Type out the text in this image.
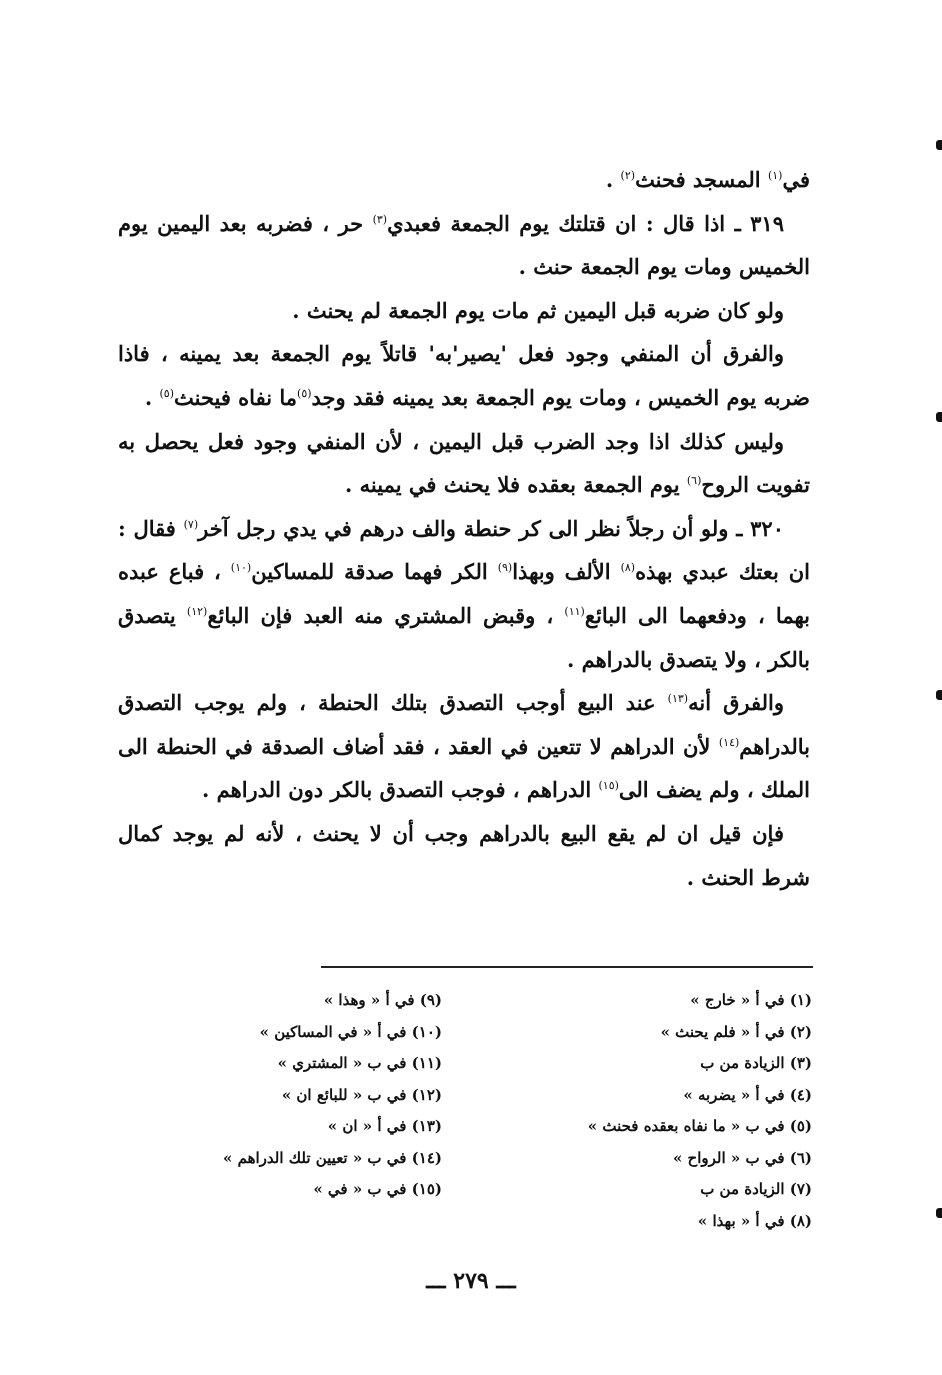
في$^{(١)}$ المسجد فحنث$^{(٢)}$ .

٣١٩ ـ اذا قال : ان قتلتك يوم الجمعة فعبدي$^{(٣)}$ حر ، فضربه بعد اليمين يوم الخميس ومات يوم الجمعة حنث .

ولو كان ضربه قبل اليمين ثم مات يوم الجمعة لم يحنث .

والفرق أن المنفي وجود فعل 'يصير'به' قاتلاً يوم الجمعة بعد يمينه ، فاذا ضربه يوم الخميس ، ومات يوم الجمعة بعد يمينه فقد وجد$^{(٥)}$ما نفاه فيحنث$^{(٥)}$ .

وليس كذلك اذا وجد الضرب قبل اليمين ، لأن المنفي وجود فعل يحصل به تفويت الروح$^{(٦)}$ يوم الجمعة بعقده فلا يحنث في يمينه .

٣٢٠ ـ ولو أن رجلاً نظر الى كر حنطة والف درهم في يدي رجل آخر$^{(٧)}$ فقال : ان بعتك عبدي بهذه$^{(٨)}$ الألف وبهذا$^{(٩)}$ الكر فهما صدقة للمساكين$^{(١٠)}$ ، فباع عبده بهما ، ودفعهما الى البائع$^{(١١)}$ ، وقبض المشتري منه العبد فإن البائع$^{(١٢)}$ يتصدق بالكر ، ولا يتصدق بالدراهم .

والفرق أنه$^{(١٣)}$ عند البيع أوجب التصدق بتلك الحنطة ، ولم يوجب التصدق بالدراهم$^{(١٤)}$ لأن الدراهم لا تتعين في العقد ، فقد أضاف الصدقة في الحنطة الى الملك ، ولم يضف الى$^{(١٥)}$ الدراهم ، فوجب التصدق بالكر دون الدراهم .

فإن قيل ان لم يقع البيع بالدراهم وجب أن لا يحنث ، لأنه لم يوجد كمال شرط الحنث .

(١) في أ « خارج »
(٢) في أ « فلم يحنث »
(٣) الزيادة من ب
(٤) في أ « يضربه »
(٥) في ب « ما نفاه بعقده فحنث »
(٦) في ب « الرواح »
(٧) الزيادة من ب
(٨) في أ « بهذا »
(٩) في أ « وهذا »
(١٠) في أ « في المساكين »
(١١) في ب « المشتري »
(١٢) في ب « للبائع ان »
(١٣) في أ « ان »
(١٤) في ب « تعيين تلك الدراهم »
(١٥) في ب « في »
ـــ ٢٧٩ ـــ
